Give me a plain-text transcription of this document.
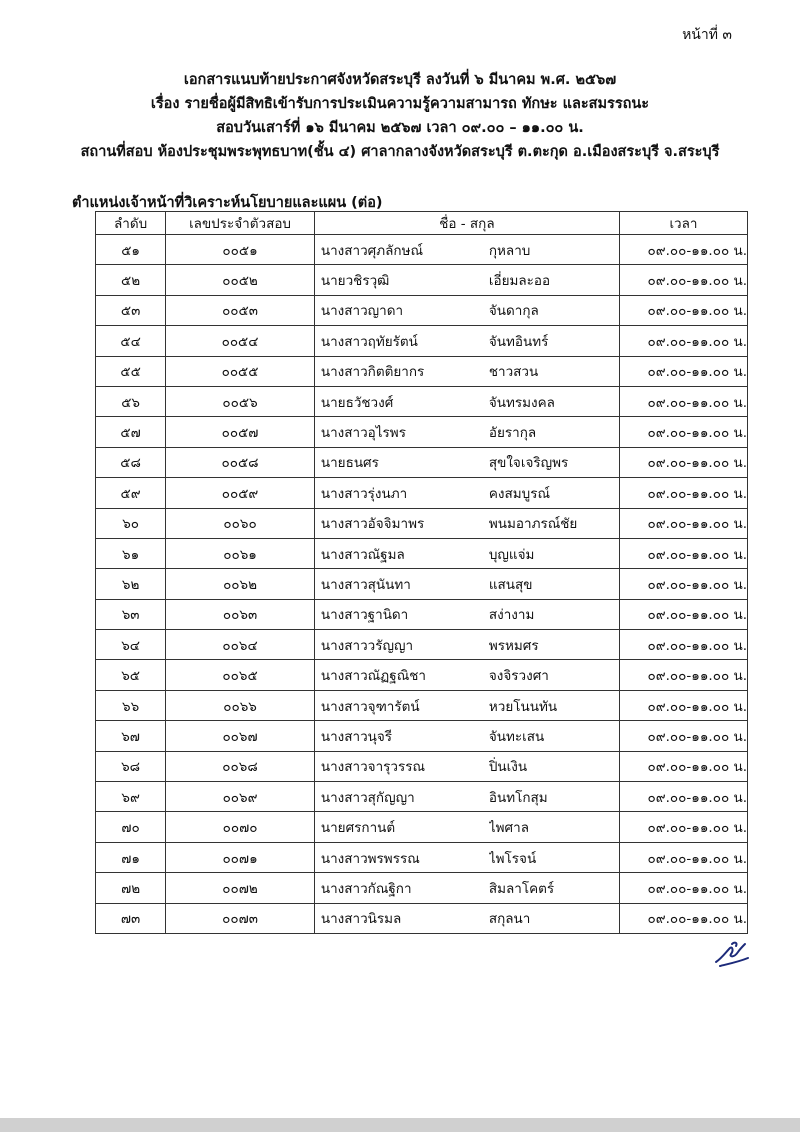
หน้าที่ ๓
เอกสารแนบท้ายประกาศจังหวัดสระบุรี ลงวันที่ ๖ มีนาคม พ.ศ. ๒๕๖๗
เรื่อง รายชื่อผู้มีสิทธิเข้ารับการประเมินความรู้ความสามารถ ทักษะ และสมรรถนะ
สอบวันเสาร์ที่ ๑๖ มีนาคม ๒๕๖๗ เวลา ๐๙.๐๐ – ๑๑.๐๐ น.
สถานที่สอบ ห้องประชุมพระพุทธบาท(ชั้น ๔) ศาลากลางจังหวัดสระบุรี ต.ตะกุด อ.เมืองสระบุรี จ.สระบุรี
ตำแหน่งเจ้าหน้าที่วิเคราะห์นโยบายและแผน (ต่อ)
ลำดับ	เลขประจำตัวสอบ	ชื่อ - สกุล	เวลา
๕๑	๐๐๕๑	นางสาวศุภลักษณ์ กุหลาบ	๐๙.๐๐-๑๑.๐๐ น.
๕๒	๐๐๕๒	นายวชิรวุฒิ เอี่ยมละออ	๐๙.๐๐-๑๑.๐๐ น.
๕๓	๐๐๕๓	นางสาวญาดา จันดากุล	๐๙.๐๐-๑๑.๐๐ น.
๕๔	๐๐๕๔	นางสาวฤทัยรัตน์ จันทอินทร์	๐๙.๐๐-๑๑.๐๐ น.
๕๕	๐๐๕๕	นางสาวกิตติยากร ชาวสวน	๐๙.๐๐-๑๑.๐๐ น.
๕๖	๐๐๕๖	นายธวัชวงศ์ จันทรมงคล	๐๙.๐๐-๑๑.๐๐ น.
๕๗	๐๐๕๗	นางสาวอุไรพร อัยรากุล	๐๙.๐๐-๑๑.๐๐ น.
๕๘	๐๐๕๘	นายธนศร สุขใจเจริญพร	๐๙.๐๐-๑๑.๐๐ น.
๕๙	๐๐๕๙	นางสาวรุ่งนภา คงสมบูรณ์	๐๙.๐๐-๑๑.๐๐ น.
๖๐	๐๐๖๐	นางสาวอัจจิมาพร พนมอาภรณ์ชัย	๐๙.๐๐-๑๑.๐๐ น.
๖๑	๐๐๖๑	นางสาวณัฐมล บุญแจ่ม	๐๙.๐๐-๑๑.๐๐ น.
๖๒	๐๐๖๒	นางสาวสุนันทา แสนสุข	๐๙.๐๐-๑๑.๐๐ น.
๖๓	๐๐๖๓	นางสาวฐานิดา สง่างาม	๐๙.๐๐-๑๑.๐๐ น.
๖๔	๐๐๖๔	นางสาววรัญญา พรหมศร	๐๙.๐๐-๑๑.๐๐ น.
๖๕	๐๐๖๕	นางสาวณัฏฐณิชา จงจิรวงศา	๐๙.๐๐-๑๑.๐๐ น.
๖๖	๐๐๖๖	นางสาวจุฑารัตน์ หวยโนนทัน	๐๙.๐๐-๑๑.๐๐ น.
๖๗	๐๐๖๗	นางสาวนุจรี จันทะเสน	๐๙.๐๐-๑๑.๐๐ น.
๖๘	๐๐๖๘	นางสาวจารุวรรณ ปิ่นเงิน	๐๙.๐๐-๑๑.๐๐ น.
๖๙	๐๐๖๙	นางสาวสุกัญญา อินทโกสุม	๐๙.๐๐-๑๑.๐๐ น.
๗๐	๐๐๗๐	นายศรกานต์ ไพศาล	๐๙.๐๐-๑๑.๐๐ น.
๗๑	๐๐๗๑	นางสาวพรพรรณ ไพโรจน์	๐๙.๐๐-๑๑.๐๐ น.
๗๒	๐๐๗๒	นางสาวกัณฐิกา สิมลาโคตร์	๐๙.๐๐-๑๑.๐๐ น.
๗๓	๐๐๗๓	นางสาวนิรมล สกุลนา	๐๙.๐๐-๑๑.๐๐ น.
